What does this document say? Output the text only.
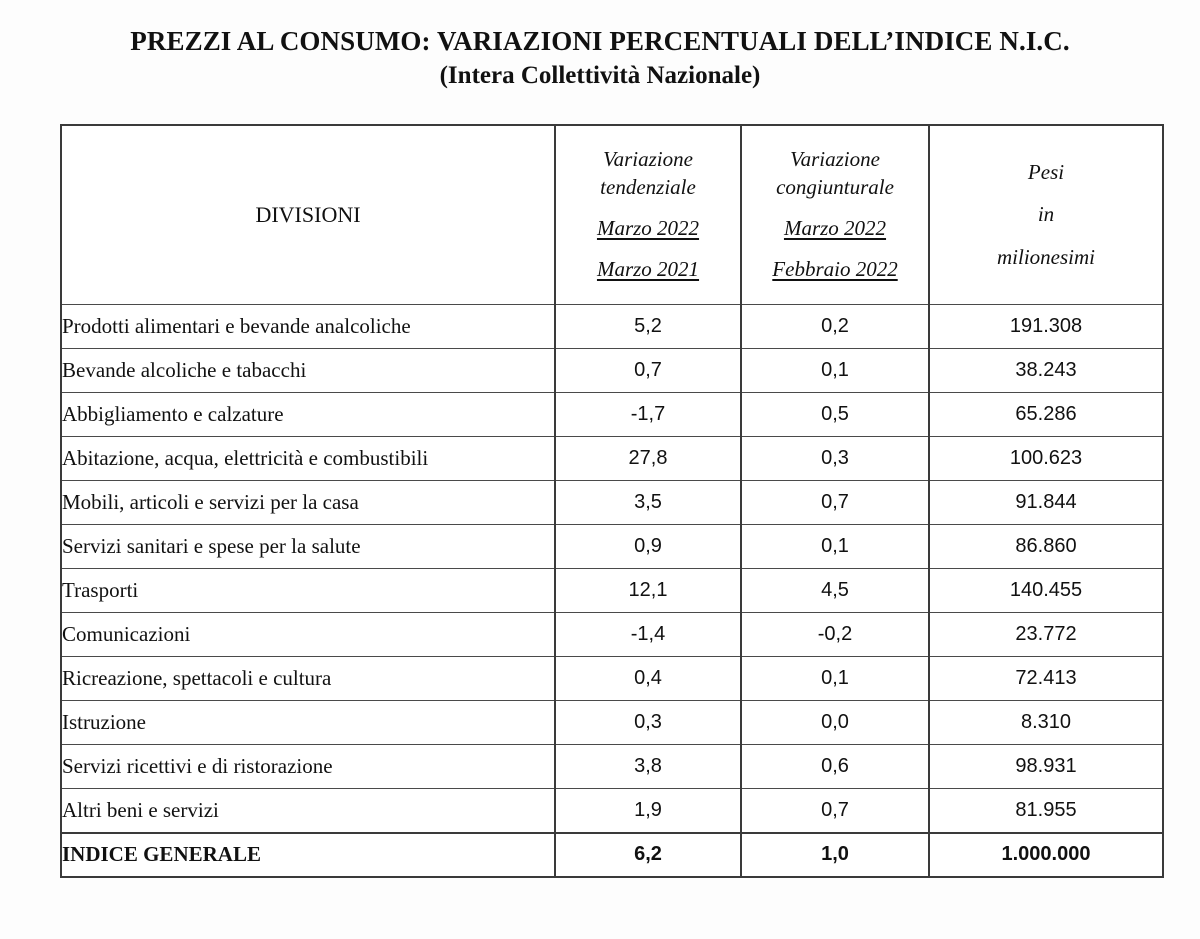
PREZZI AL CONSUMO: VARIAZIONI PERCENTUALI DELL’INDICE N.I.C.
(Intera Collettività Nazionale)
DIVISIONI	Variazione
tendenziale
Marzo 2022
Marzo 2021	Variazione
congiunturale
Marzo 2022
Febbraio 2022	Pesi
in
milionesimi

Prodotti alimentari e bevande analcoliche	5,2	0,2	191.308
Bevande alcoliche e tabacchi	0,7	0,1	38.243
Abbigliamento e calzature	-1,7	0,5	65.286
Abitazione, acqua, elettricità e combustibili	27,8	0,3	100.623
Mobili, articoli e servizi per la casa	3,5	0,7	91.844
Servizi sanitari e spese per la salute	0,9	0,1	86.860
Trasporti	12,1	4,5	140.455
Comunicazioni	-1,4	-0,2	23.772
Ricreazione, spettacoli e cultura	0,4	0,1	72.413
Istruzione	0,3	0,0	8.310
Servizi ricettivi e di ristorazione	3,8	0,6	98.931
Altri beni e servizi	1,9	0,7	81.955
INDICE GENERALE	6,2	1,0	1.000.000
